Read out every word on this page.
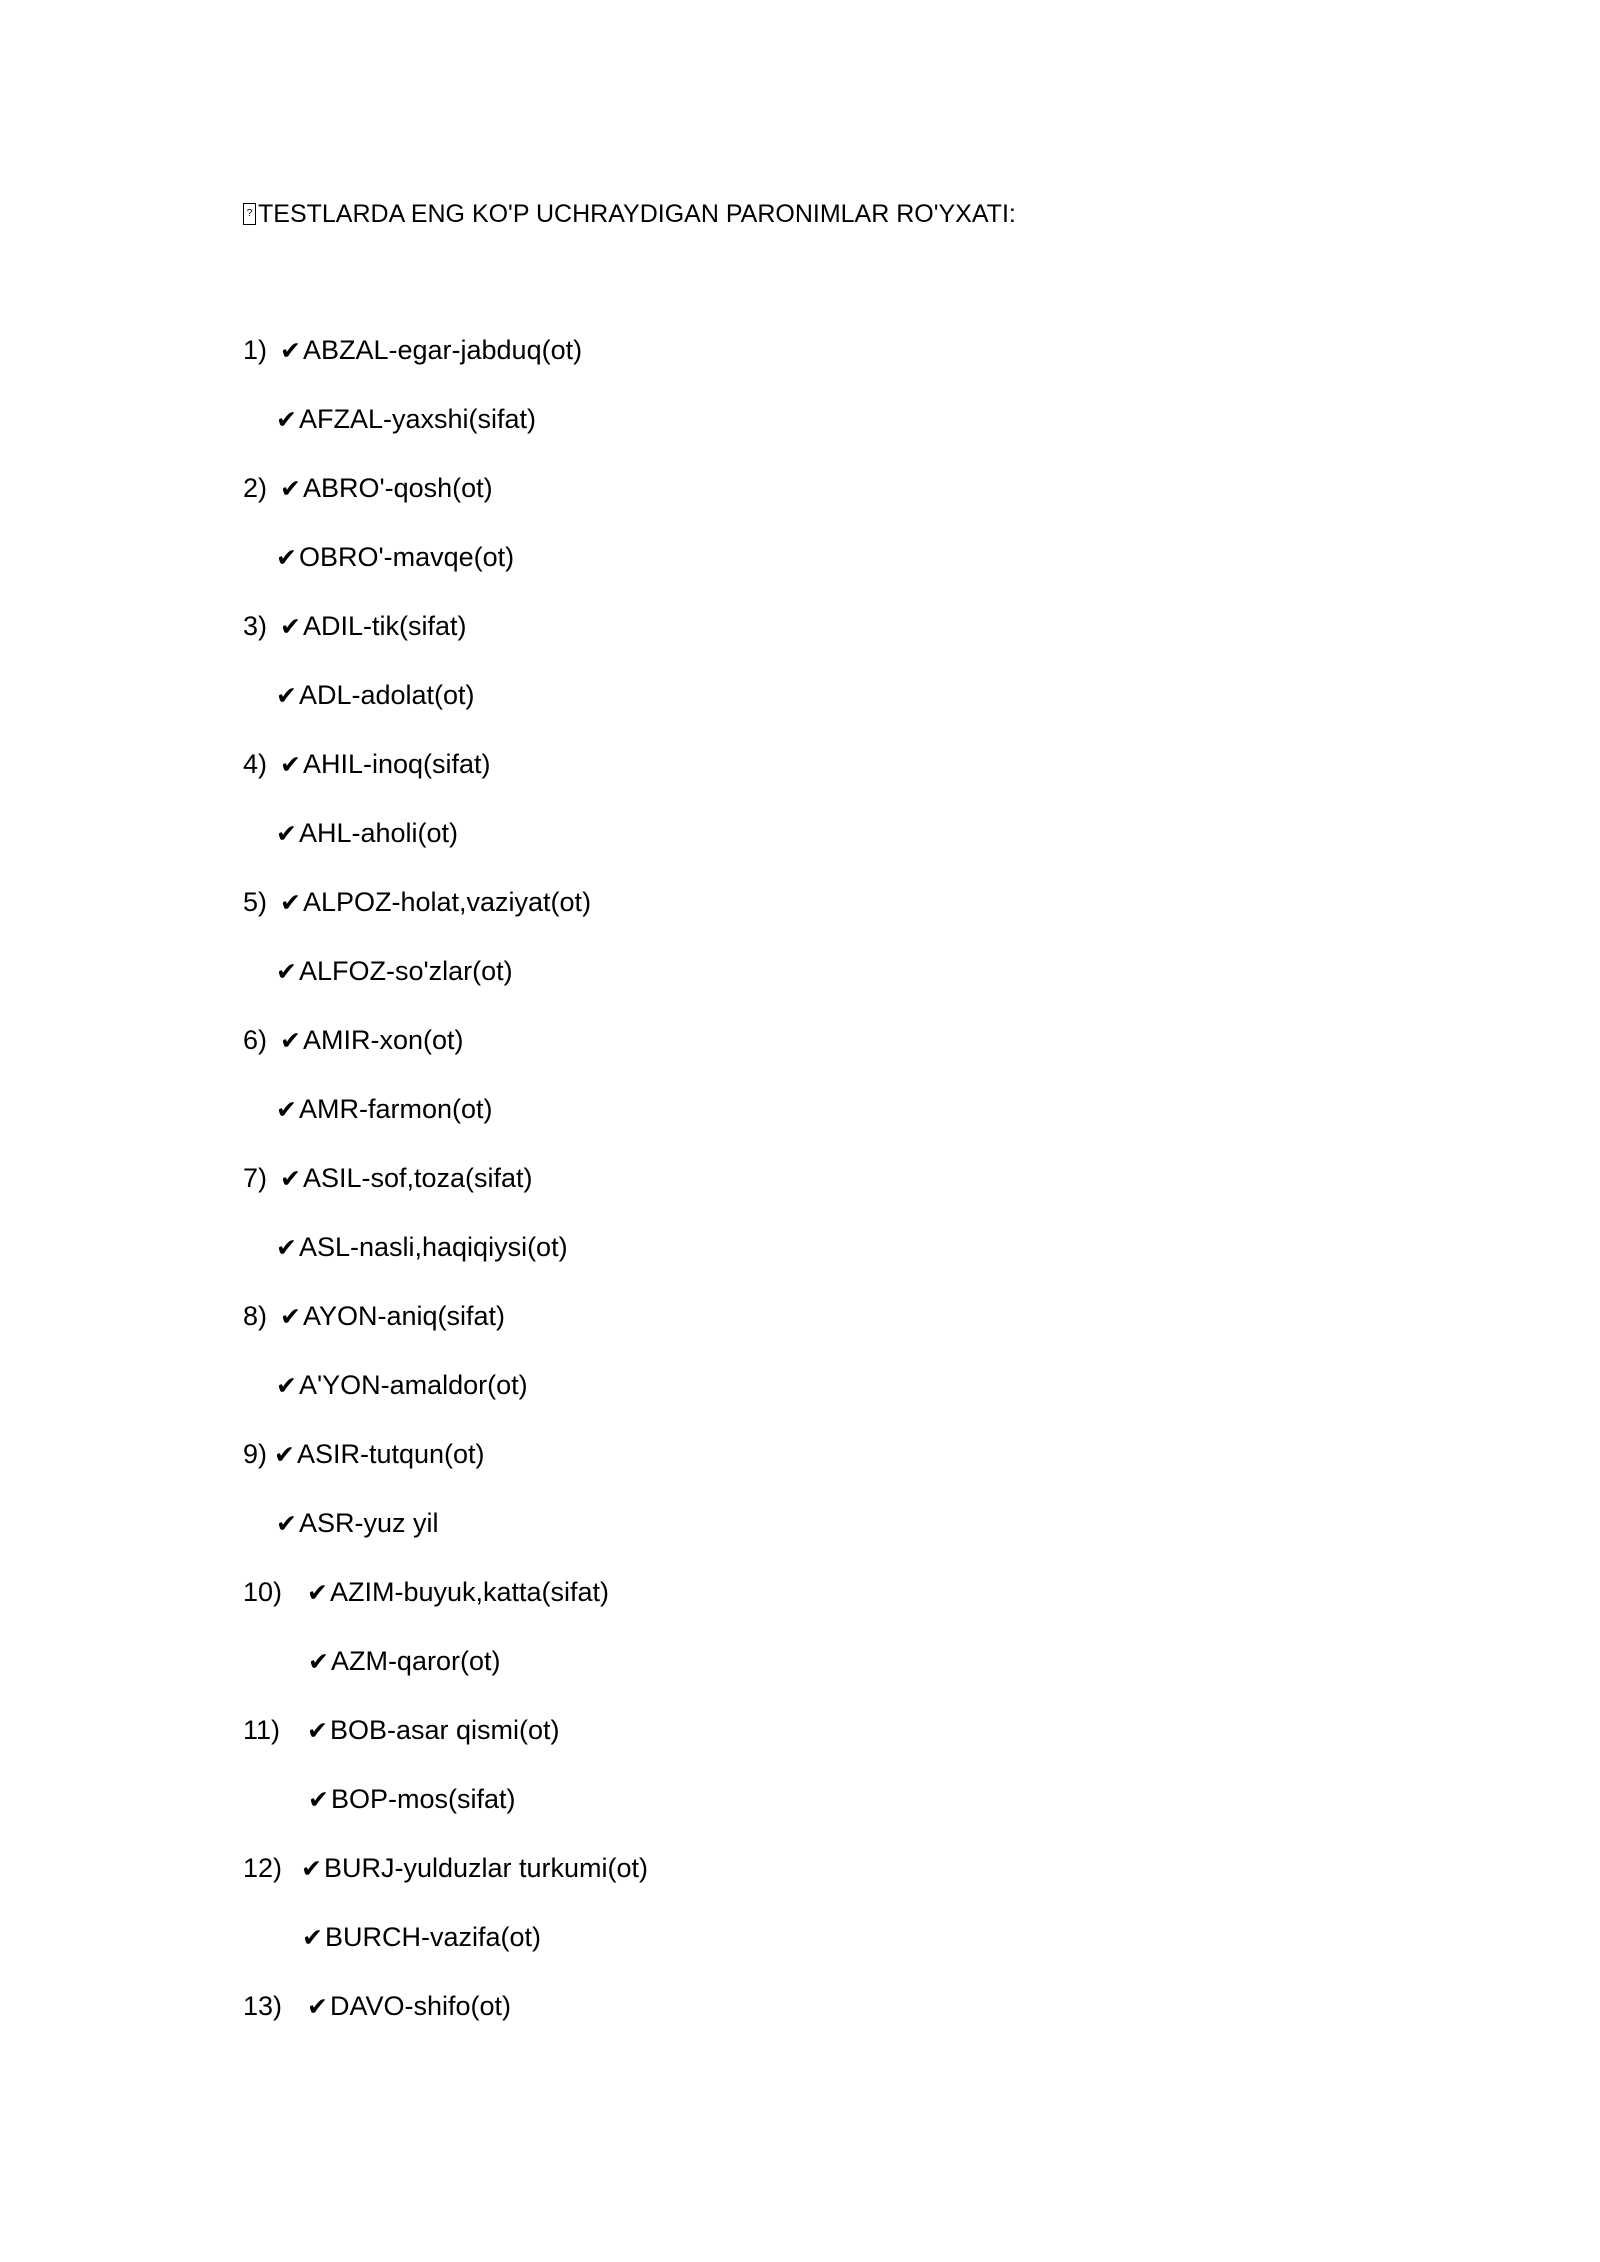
? TESTLARDA ENG KO'P UCHRAYDIGAN PARONIMLAR RO'YXATI:
1) ✔ABZAL-egar-jabduq(ot)
✔AFZAL-yaxshi(sifat)
2) ✔ABRO'-qosh(ot)
✔OBRO'-mavqe(ot)
3) ✔ADIL-tik(sifat)
✔ADL-adolat(ot)
4) ✔AHIL-inoq(sifat)
✔AHL-aholi(ot)
5) ✔ALPOZ-holat,vaziyat(ot)
✔ALFOZ-so'zlar(ot)
6) ✔AMIR-xon(ot)
✔AMR-farmon(ot)
7) ✔ASIL-sof,toza(sifat)
✔ASL-nasli,haqiqiysi(ot)
8) ✔AYON-aniq(sifat)
✔A'YON-amaldor(ot)
9) ✔ASIR-tutqun(ot)
✔ASR-yuz yil
10) ✔AZIM-buyuk,katta(sifat)
✔AZM-qaror(ot)
11) ✔BOB-asar qismi(ot)
✔BOP-mos(sifat)
12) ✔BURJ-yulduzlar turkumi(ot)
✔BURCH-vazifa(ot)
13) ✔DAVO-shifo(ot)
